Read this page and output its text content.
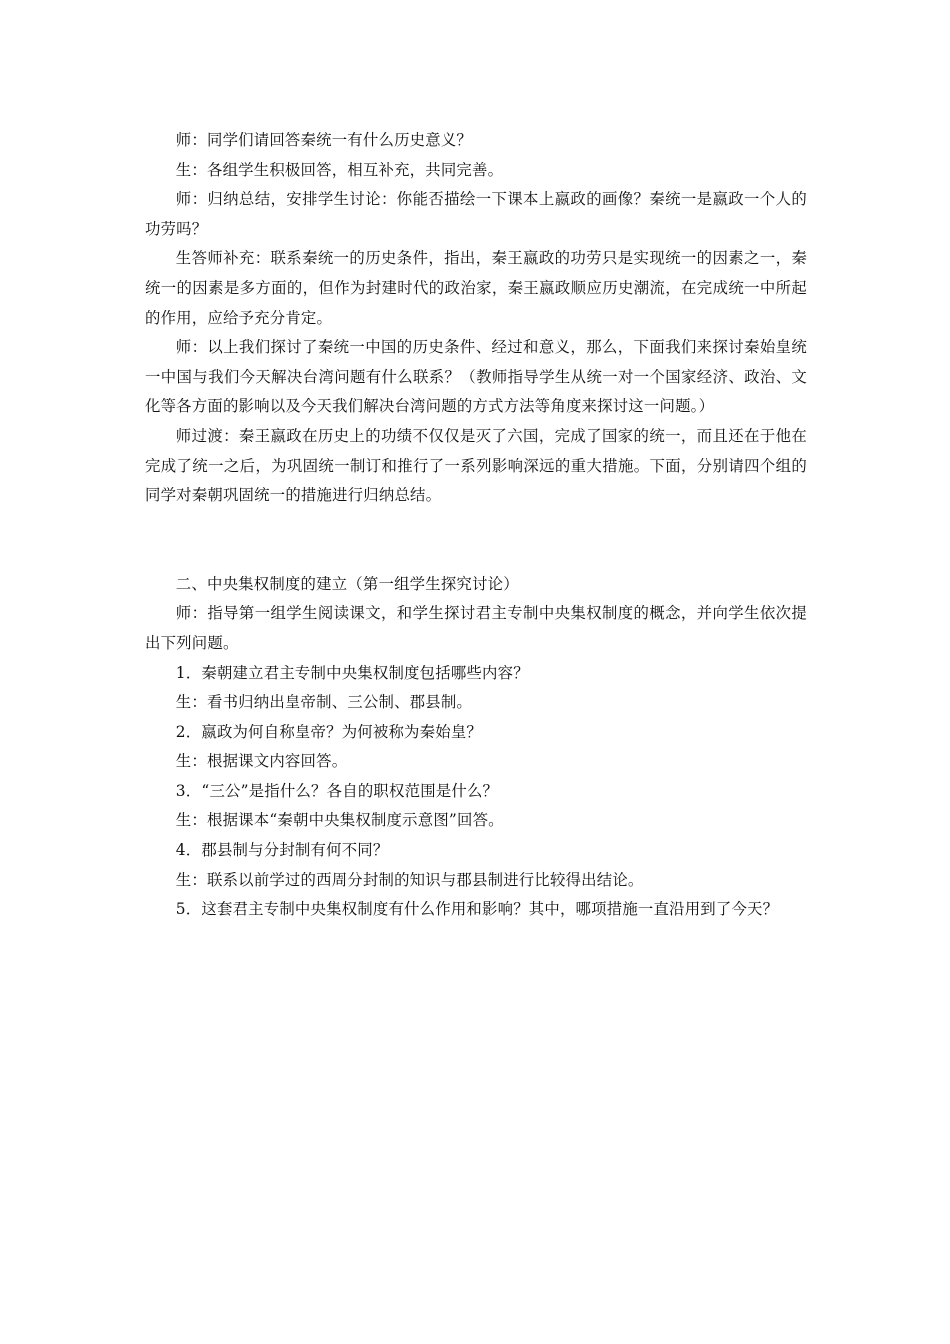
师：同学们请回答秦统一有什么历史意义？

生：各组学生积极回答，相互补充，共同完善。

师：归纳总结，安排学生讨论：你能否描绘一下课本上嬴政的画像？秦统一是嬴政一个人的功劳吗？

生答师补充：联系秦统一的历史条件，指出，秦王嬴政的功劳只是实现统一的因素之一，秦统一的因素是多方面的，但作为封建时代的政治家，秦王嬴政顺应历史潮流，在完成统一中所起的作用，应给予充分肯定。

师：以上我们探讨了秦统一中国的历史条件、经过和意义，那么，下面我们来探讨秦始皇统一中国与我们今天解决台湾问题有什么联系？（教师指导学生从统一对一个国家经济、政治、文化等各方面的影响以及今天我们解决台湾问题的方式方法等角度来探讨这一问题。）

师过渡：秦王嬴政在历史上的功绩不仅仅是灭了六国，完成了国家的统一，而且还在于他在完成了统一之后，为巩固统一制订和推行了一系列影响深远的重大措施。下面，分别请四个组的同学对秦朝巩固统一的措施进行归纳总结。

二、中央集权制度的建立（第一组学生探究讨论）

师：指导第一组学生阅读课文，和学生探讨君主专制中央集权制度的概念，并向学生依次提出下列问题。

1．秦朝建立君主专制中央集权制度包括哪些内容？

生：看书归纳出皇帝制、三公制、郡县制。

2．嬴政为何自称皇帝？为何被称为秦始皇？

生：根据课文内容回答。

3．“三公”是指什么？各自的职权范围是什么？

生：根据课本“秦朝中央集权制度示意图”回答。

4．郡县制与分封制有何不同？

生：联系以前学过的西周分封制的知识与郡县制进行比较得出结论。

5．这套君主专制中央集权制度有什么作用和影响？其中，哪项措施一直沿用到了今天？
